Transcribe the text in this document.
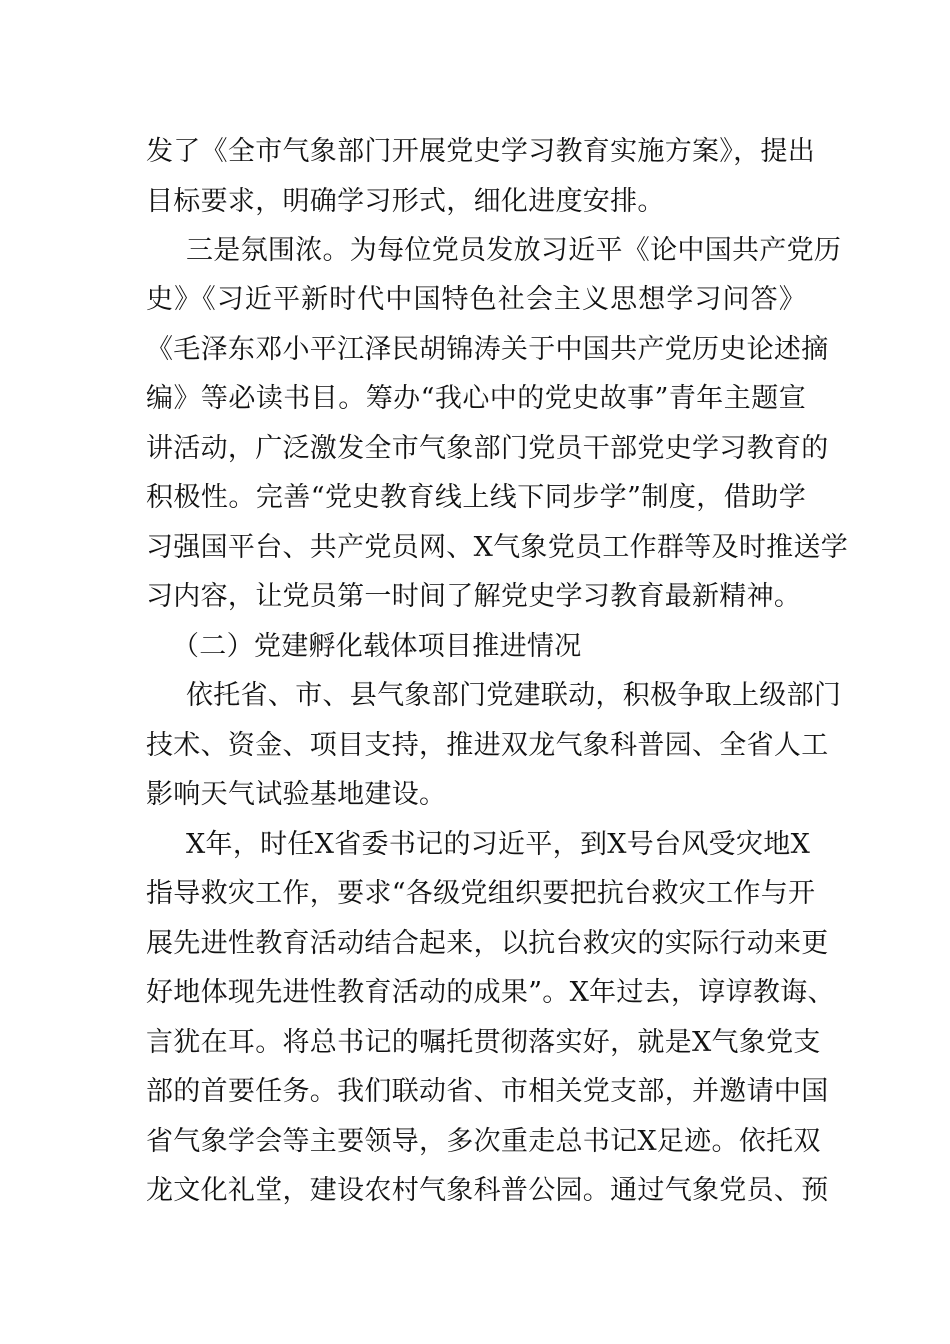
发了《全市气象部门开展党史学习教育实施方案》，提出
目标要求，明确学习形式，细化进度安排。
三是氛围浓。为每位党员发放习近平《论中国共产党历
史》《习近平新时代中国特色社会主义思想学习问答》
《毛泽东邓小平江泽民胡锦涛关于中国共产党历史论述摘
编》等必读书目。筹办“我心中的党史故事”青年主题宣
讲活动，广泛激发全市气象部门党员干部党史学习教育的
积极性。完善“党史教育线上线下同步学”制度，借助学
习强国平台、共产党员网、X气象党员工作群等及时推送学
习内容，让党员第一时间了解党史学习教育最新精神。
（二）党建孵化载体项目推进情况
依托省、市、县气象部门党建联动，积极争取上级部门
技术、资金、项目支持，推进双龙气象科普园、全省人工
影响天气试验基地建设。
X年，时任X省委书记的习近平，到X号台风受灾地X
指导救灾工作，要求“各级党组织要把抗台救灾工作与开
展先进性教育活动结合起来，以抗台救灾的实际行动来更
好地体现先进性教育活动的成果”。X年过去，谆谆教诲、
言犹在耳。将总书记的嘱托贯彻落实好，就是X气象党支
部的首要任务。我们联动省、市相关党支部，并邀请中国
省气象学会等主要领导，多次重走总书记X足迹。依托双
龙文化礼堂，建设农村气象科普公园。通过气象党员、预
